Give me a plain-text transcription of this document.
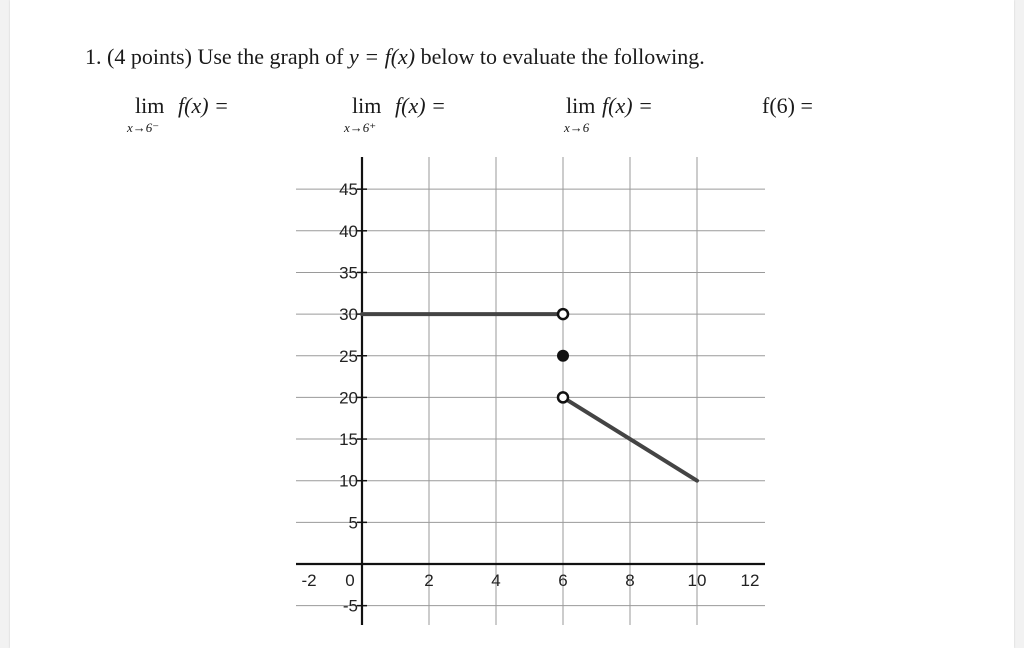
1. (4 points) Use the graph of y = f(x) below to evaluate the following.
lim f(x) =
x→6⁻
lim f(x) =
x→6⁺
lim f(x) =
x→6
f(6) =
-5
5
10
15
20
25
30
35
40
45
-2 0	2	4	6	8	10 12
